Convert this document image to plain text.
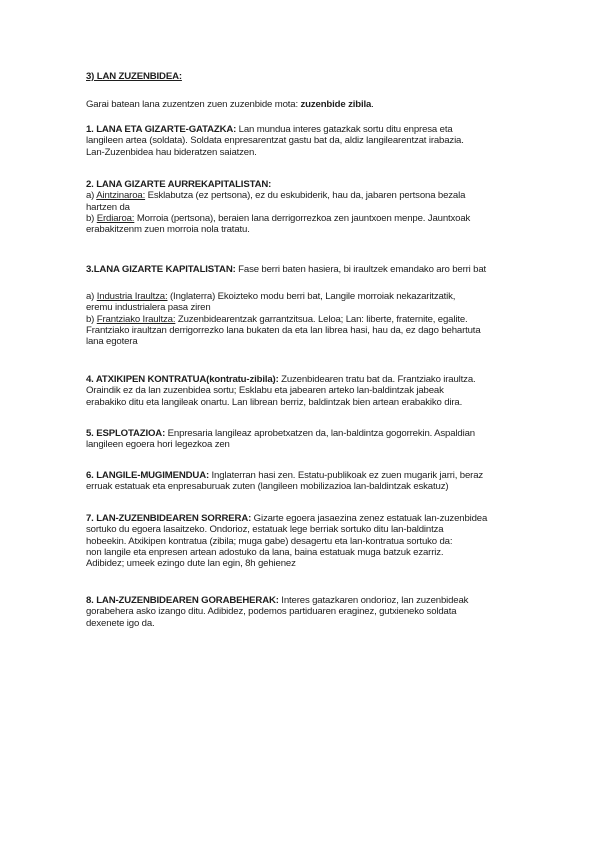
3) LAN ZUZENBIDEA:
Garai batean lana zuzentzen zuen zuzenbide mota: zuzenbide zibila.
1. LANA ETA GIZARTE-GATAZKA: Lan mundua interes gatazkak sortu ditu enpresa eta
langileen artea (soldata). Soldata enpresarentzat gastu bat da, aldiz langilearentzat irabazia.
Lan-Zuzenbidea hau bideratzen saiatzen.
2. LANA GIZARTE AURREKAPITALISTAN:
a) Aintzinaroa: Esklabutza (ez pertsona), ez du eskubiderik, hau da, jabaren pertsona bezala
hartzen da
b) Erdiaroa: Morroia (pertsona), beraien lana derrigorrezkoa zen jauntxoen menpe. Jauntxoak
erabakitzenm zuen morroia nola tratatu.
3.LANA GIZARTE KAPITALISTAN: Fase berri baten hasiera, bi iraultzek emandako aro berri bat
a) Industria Iraultza: (Inglaterra) Ekoizteko modu berri bat, Langile morroiak nekazaritzatik,
eremu industrialera pasa ziren
b) Frantziako Iraultza: Zuzenbidearentzak garrantzitsua. Leloa; Lan: liberte, fraternite, egalite.
Frantziako iraultzan derrigorrezko lana bukaten da eta lan librea hasi, hau da, ez dago behartuta
lana egotera
4. ATXIKIPEN KONTRATUA(kontratu-zibila): Zuzenbidearen tratu bat da. Frantziako iraultza.
Oraindik ez da lan zuzenbidea sortu; Esklabu eta jabearen arteko lan-baldintzak jabeak
erabakiko ditu eta langileak onartu. Lan librean berriz, baldintzak bien artean erabakiko dira.
5. ESPLOTAZIOA: Enpresaria langileaz aprobetxatzen da, lan-baldintza gogorrekin. Aspaldian
langileen egoera hori legezkoa zen
6. LANGILE-MUGIMENDUA: Inglaterran hasi zen. Estatu-publikoak ez zuen mugarik jarri, beraz
erruak estatuak eta enpresaburuak zuten (langileen mobilizazioa lan-baldintzak eskatuz)
7. LAN-ZUZENBIDEAREN SORRERA: Gizarte egoera jasaezina zenez estatuak lan-zuzenbidea
sortuko du egoera lasaitzeko. Ondorioz, estatuak lege berriak sortuko ditu lan-baldintza
hobeekin. Atxikipen kontratua (zibila; muga gabe) desagertu eta lan-kontratua sortuko da:
non langile eta enpresen artean adostuko da lana, baina estatuak muga batzuk ezarriz.
Adibidez; umeek ezingo dute lan egin, 8h gehienez
8. LAN-ZUZENBIDEAREN GORABEHERAK: Interes gatazkaren ondorioz, lan zuzenbideak
gorabehera asko izango ditu. Adibidez, podemos partiduaren eraginez, gutxieneko soldata
dexenete igo da.
